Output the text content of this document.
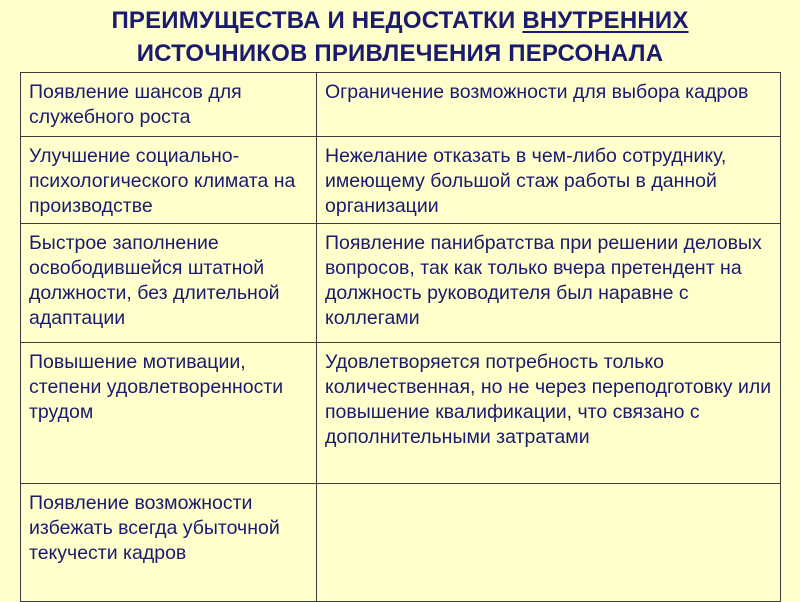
ПРЕИМУЩЕСТВА И НЕДОСТАТКИ ВНУТРЕННИХ
ИСТОЧНИКОВ ПРИВЛЕЧЕНИЯ ПЕРСОНАЛА
Появление шансов для служебного роста	Ограничение возможности для выбора кадров
Улучшение социально-психологического климата на производстве	Нежелание отказать в чем-либо сотруднику, имеющему большой стаж работы в данной организации
Быстрое заполнение освободившейся штатной должности, без длительной адаптации	Появление панибратства при решении деловых вопросов, так как только вчера претендент на должность руководителя был наравне с коллегами
Повышение мотивации, степени удовлетворенности трудом	Удовлетворяется потребность только количественная, но не через переподготовку или повышение квалификации, что связано с дополнительными затратами
Появление возможности избежать всегда убыточной текучести кадров	
